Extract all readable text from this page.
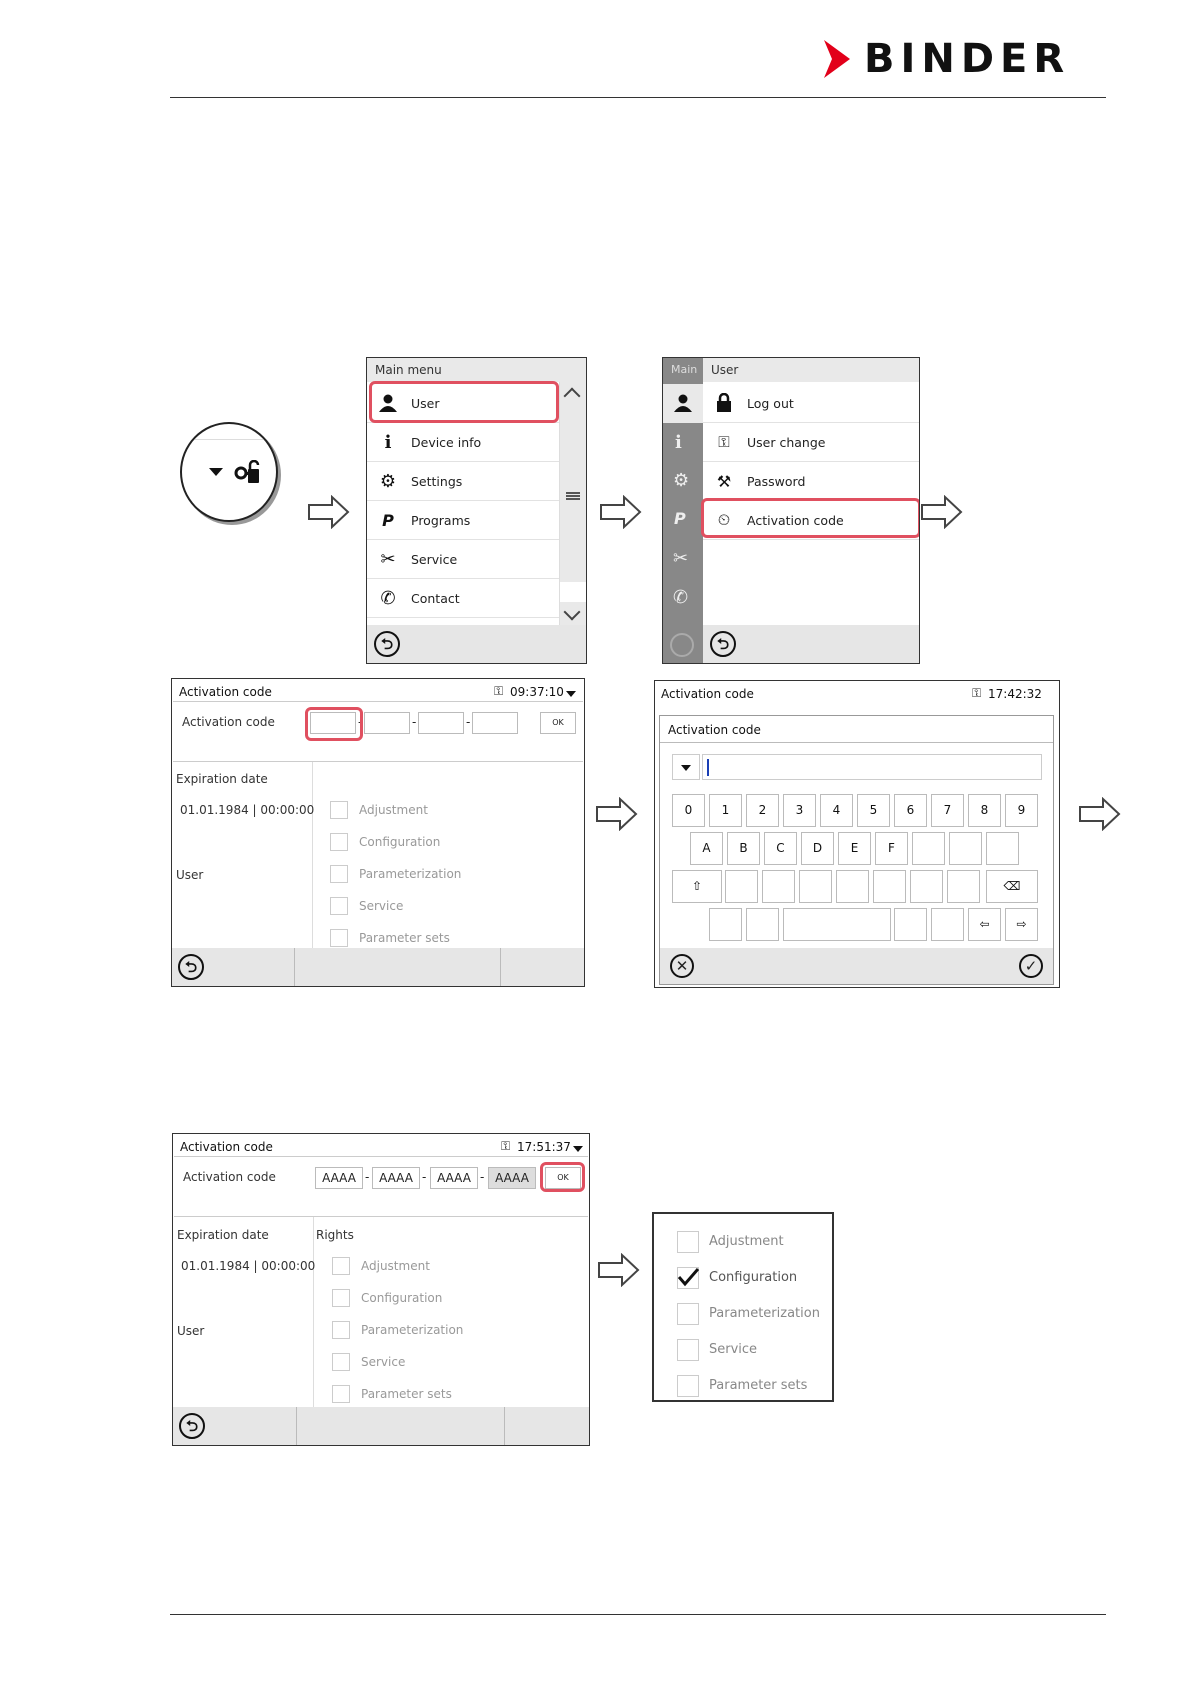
BINDER
Main menu
User
i	Device info
⚙ Settings
P	Programs
✂ Service
✆ Contact
⮌
Main
i
⚙
P
✂
✆
User
Log out
⚿	User change
⚒	Password
⏲	Activation code
⮌
Activation code	⚿ 09:37:10
Activation code	-	-	-	OK
Expiration date
01.01.1984 | 00:00:00
User
Adjustment
Configuration
Parameterization
Service
Parameter sets
⮌
Activation code	⚿ 17:42:32
Activation code
0	1	2	3	4	5	6	7	8	9
A	B	C	D	E	F
⇧	⌫
⇦	⇨
✕	✓
Activation code	⚿ 17:51:37
Activation code	AAAA - AAAA - AAAA - AAAA	OK
Expiration date	Rights
01.01.1984 | 00:00:00
User
Adjustment
Configuration
Parameterization
Service
Parameter sets
⮌
Adjustment
Configuration
Parameterization
Service
Parameter sets
